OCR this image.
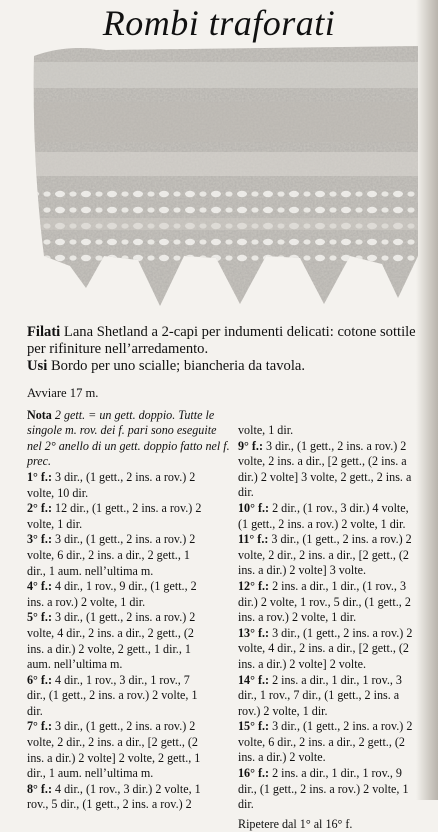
Rombi traforati

Filati Lana Shetland a 2-capi per indumenti delicati: cotone sottile per rifiniture nell’arredamento.

Usi Bordo per uno scialle; biancheria da tavola.

Avviare 17 m.
Nota 2 gett. = un gett. doppio. Tutte le
singole m. rov. dei f. pari sono eseguite
nel 2° anello di un gett. doppio fatto nel f.
prec.
1° f.: 3 dir., (1 gett., 2 ins. a rov.) 2
volte, 10 dir.
2° f.: 12 dir., (1 gett., 2 ins. a rov.) 2
volte, 1 dir.
3° f.: 3 dir., (1 gett., 2 ins. a rov.) 2
volte, 6 dir., 2 ins. a dir., 2 gett., 1
dir., 1 aum. nell’ultima m.
4° f.: 4 dir., 1 rov., 9 dir., (1 gett., 2
ins. a rov.) 2 volte, 1 dir.
5° f.: 3 dir., (1 gett., 2 ins. a rov.) 2
volte, 4 dir., 2 ins. a dir., 2 gett., (2
ins. a dir.) 2 volte, 2 gett., 1 dir., 1
aum. nell’ultima m.
6° f.: 4 dir., 1 rov., 3 dir., 1 rov., 7
dir., (1 gett., 2 ins. a rov.) 2 volte, 1
dir.
7° f.: 3 dir., (1 gett., 2 ins. a rov.) 2
volte, 2 dir., 2 ins. a dir., [2 gett., (2
ins. a dir.) 2 volte] 2 volte, 2 gett., 1
dir., 1 aum. nell’ultima m.
8° f.: 4 dir., (1 rov., 3 dir.) 2 volte, 1
rov., 5 dir., (1 gett., 2 ins. a rov.) 2
volte, 1 dir.
9° f.: 3 dir., (1 gett., 2 ins. a rov.) 2
volte, 2 ins. a dir., [2 gett., (2 ins. a
dir.) 2 volte] 3 volte, 2 gett., 2 ins. a
dir.
10° f.: 2 dir., (1 rov., 3 dir.) 4 volte,
(1 gett., 2 ins. a rov.) 2 volte, 1 dir.
11° f.: 3 dir., (1 gett., 2 ins. a rov.) 2
volte, 2 dir., 2 ins. a dir., [2 gett., (2
ins. a dir.) 2 volte] 3 volte.
12° f.: 2 ins. a dir., 1 dir., (1 rov., 3
dir.) 2 volte, 1 rov., 5 dir., (1 gett., 2
ins. a rov.) 2 volte, 1 dir.
13° f.: 3 dir., (1 gett., 2 ins. a rov.) 2
volte, 4 dir., 2 ins. a dir., [2 gett., (2
ins. a dir.) 2 volte] 2 volte.
14° f.: 2 ins. a dir., 1 dir., 1 rov., 3
dir., 1 rov., 7 dir., (1 gett., 2 ins. a
rov.) 2 volte, 1 dir.
15° f.: 3 dir., (1 gett., 2 ins. a rov.) 2
volte, 6 dir., 2 ins. a dir., 2 gett., (2
ins. a dir.) 2 volte.
16° f.: 2 ins. a dir., 1 dir., 1 rov., 9
dir., (1 gett., 2 ins. a rov.) 2 volte, 1
dir.
Ripetere dal 1° al 16° f.
